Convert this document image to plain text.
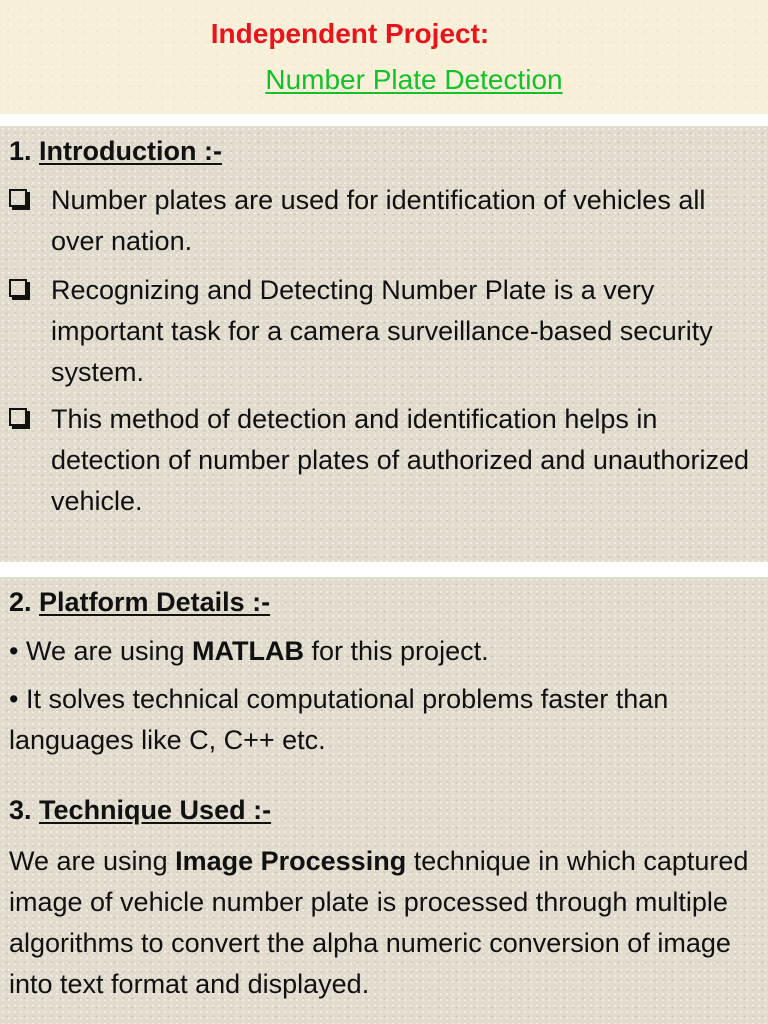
Independent Project:
Number Plate Detection
1. Introduction :-
Number plates are used for identification of vehicles all over nation.
Recognizing and Detecting Number Plate is a very important task for a camera surveillance-based security system.
This method of detection and identification helps in detection of number plates of authorized and unauthorized vehicle.
2. Platform Details :-
• We are using MATLAB for this project.
• It solves technical computational problems faster than languages like C, C++ etc.
3. Technique Used :-
We are using Image Processing technique in which captured image of vehicle number plate is processed through multiple algorithms to convert the alpha numeric conversion of image into text format and displayed.
